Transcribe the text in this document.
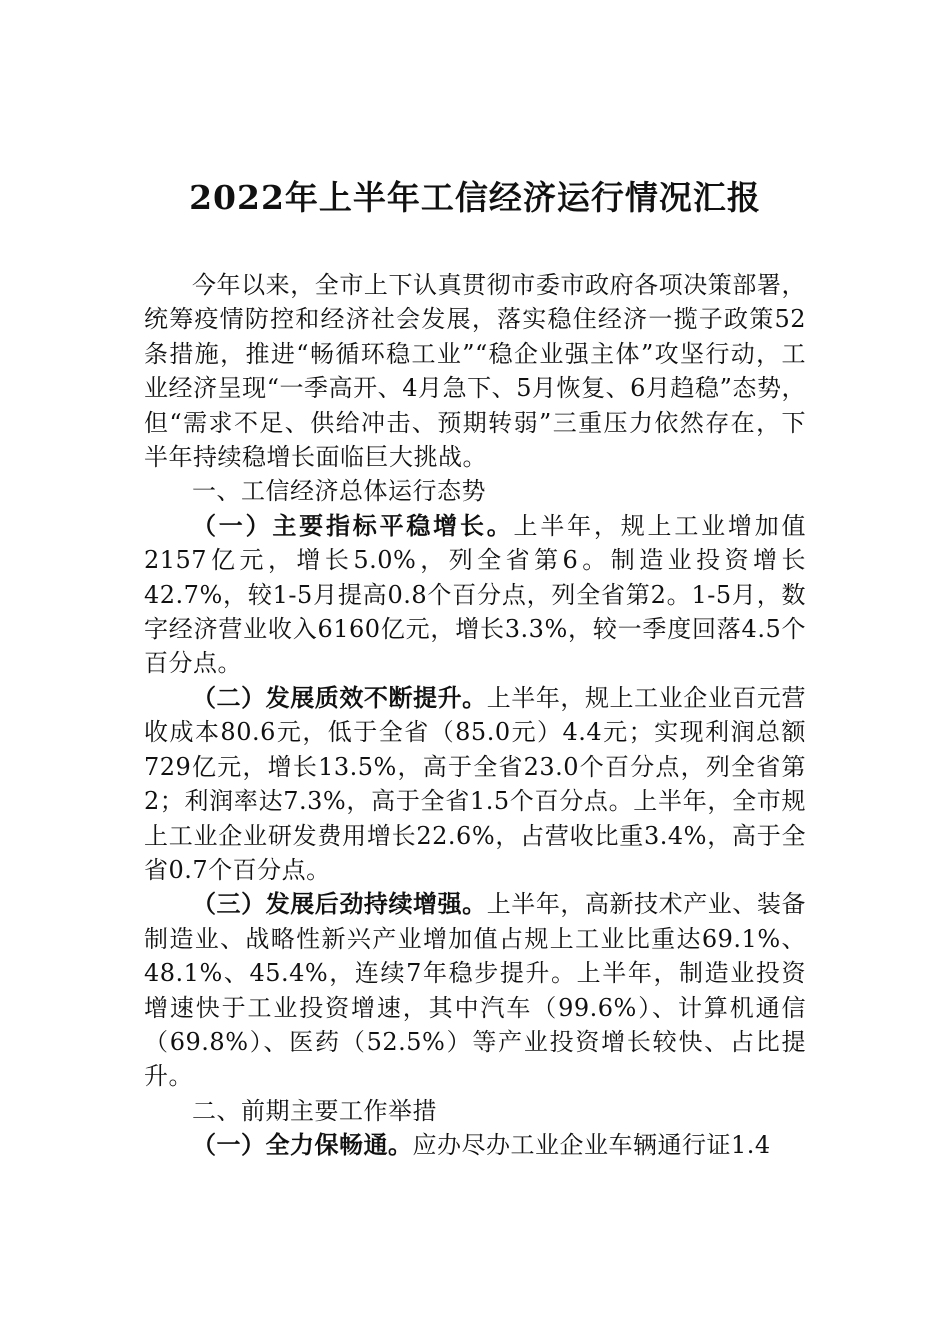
2022年上半年工信经济运行情况汇报

今年以来，全市上下认真贯彻市委市政府各项决策部署，统筹疫情防控和经济社会发展，落实稳住经济一揽子政策52条措施，推进“畅循环稳工业”“稳企业强主体”攻坚行动，工业经济呈现“一季高开、4月急下、5月恢复、6月趋稳”态势，但“需求不足、供给冲击、预期转弱”三重压力依然存在，下半年持续稳增长面临巨大挑战。

一、工信经济总体运行态势

（一）主要指标平稳增长。上半年，规上工业增加值2157亿元，增长5.0%，列全省第6。制造业投资增长42.7%，较1-5月提高0.8个百分点，列全省第2。1-5月，数字经济营业收入6160亿元，增长3.3%，较一季度回落4.5个百分点。

（二）发展质效不断提升。上半年，规上工业企业百元营收成本80.6元，低于全省（85.0元）4.4元；实现利润总额729亿元，增长13.5%，高于全省23.0个百分点，列全省第2；利润率达7.3%，高于全省1.5个百分点。上半年，全市规上工业企业研发费用增长22.6%，占营收比重3.4%，高于全省0.7个百分点。

（三）发展后劲持续增强。上半年，高新技术产业、装备制造业、战略性新兴产业增加值占规上工业比重达69.1%、48.1%、45.4%，连续7年稳步提升。上半年，制造业投资增速快于工业投资增速，其中汽车（99.6%）、计算机通信（69.8%）、医药（52.5%）等产业投资增长较快、占比提升。

二、前期主要工作举措

（一）全力保畅通。应办尽办工业企业车辆通行证1.4
